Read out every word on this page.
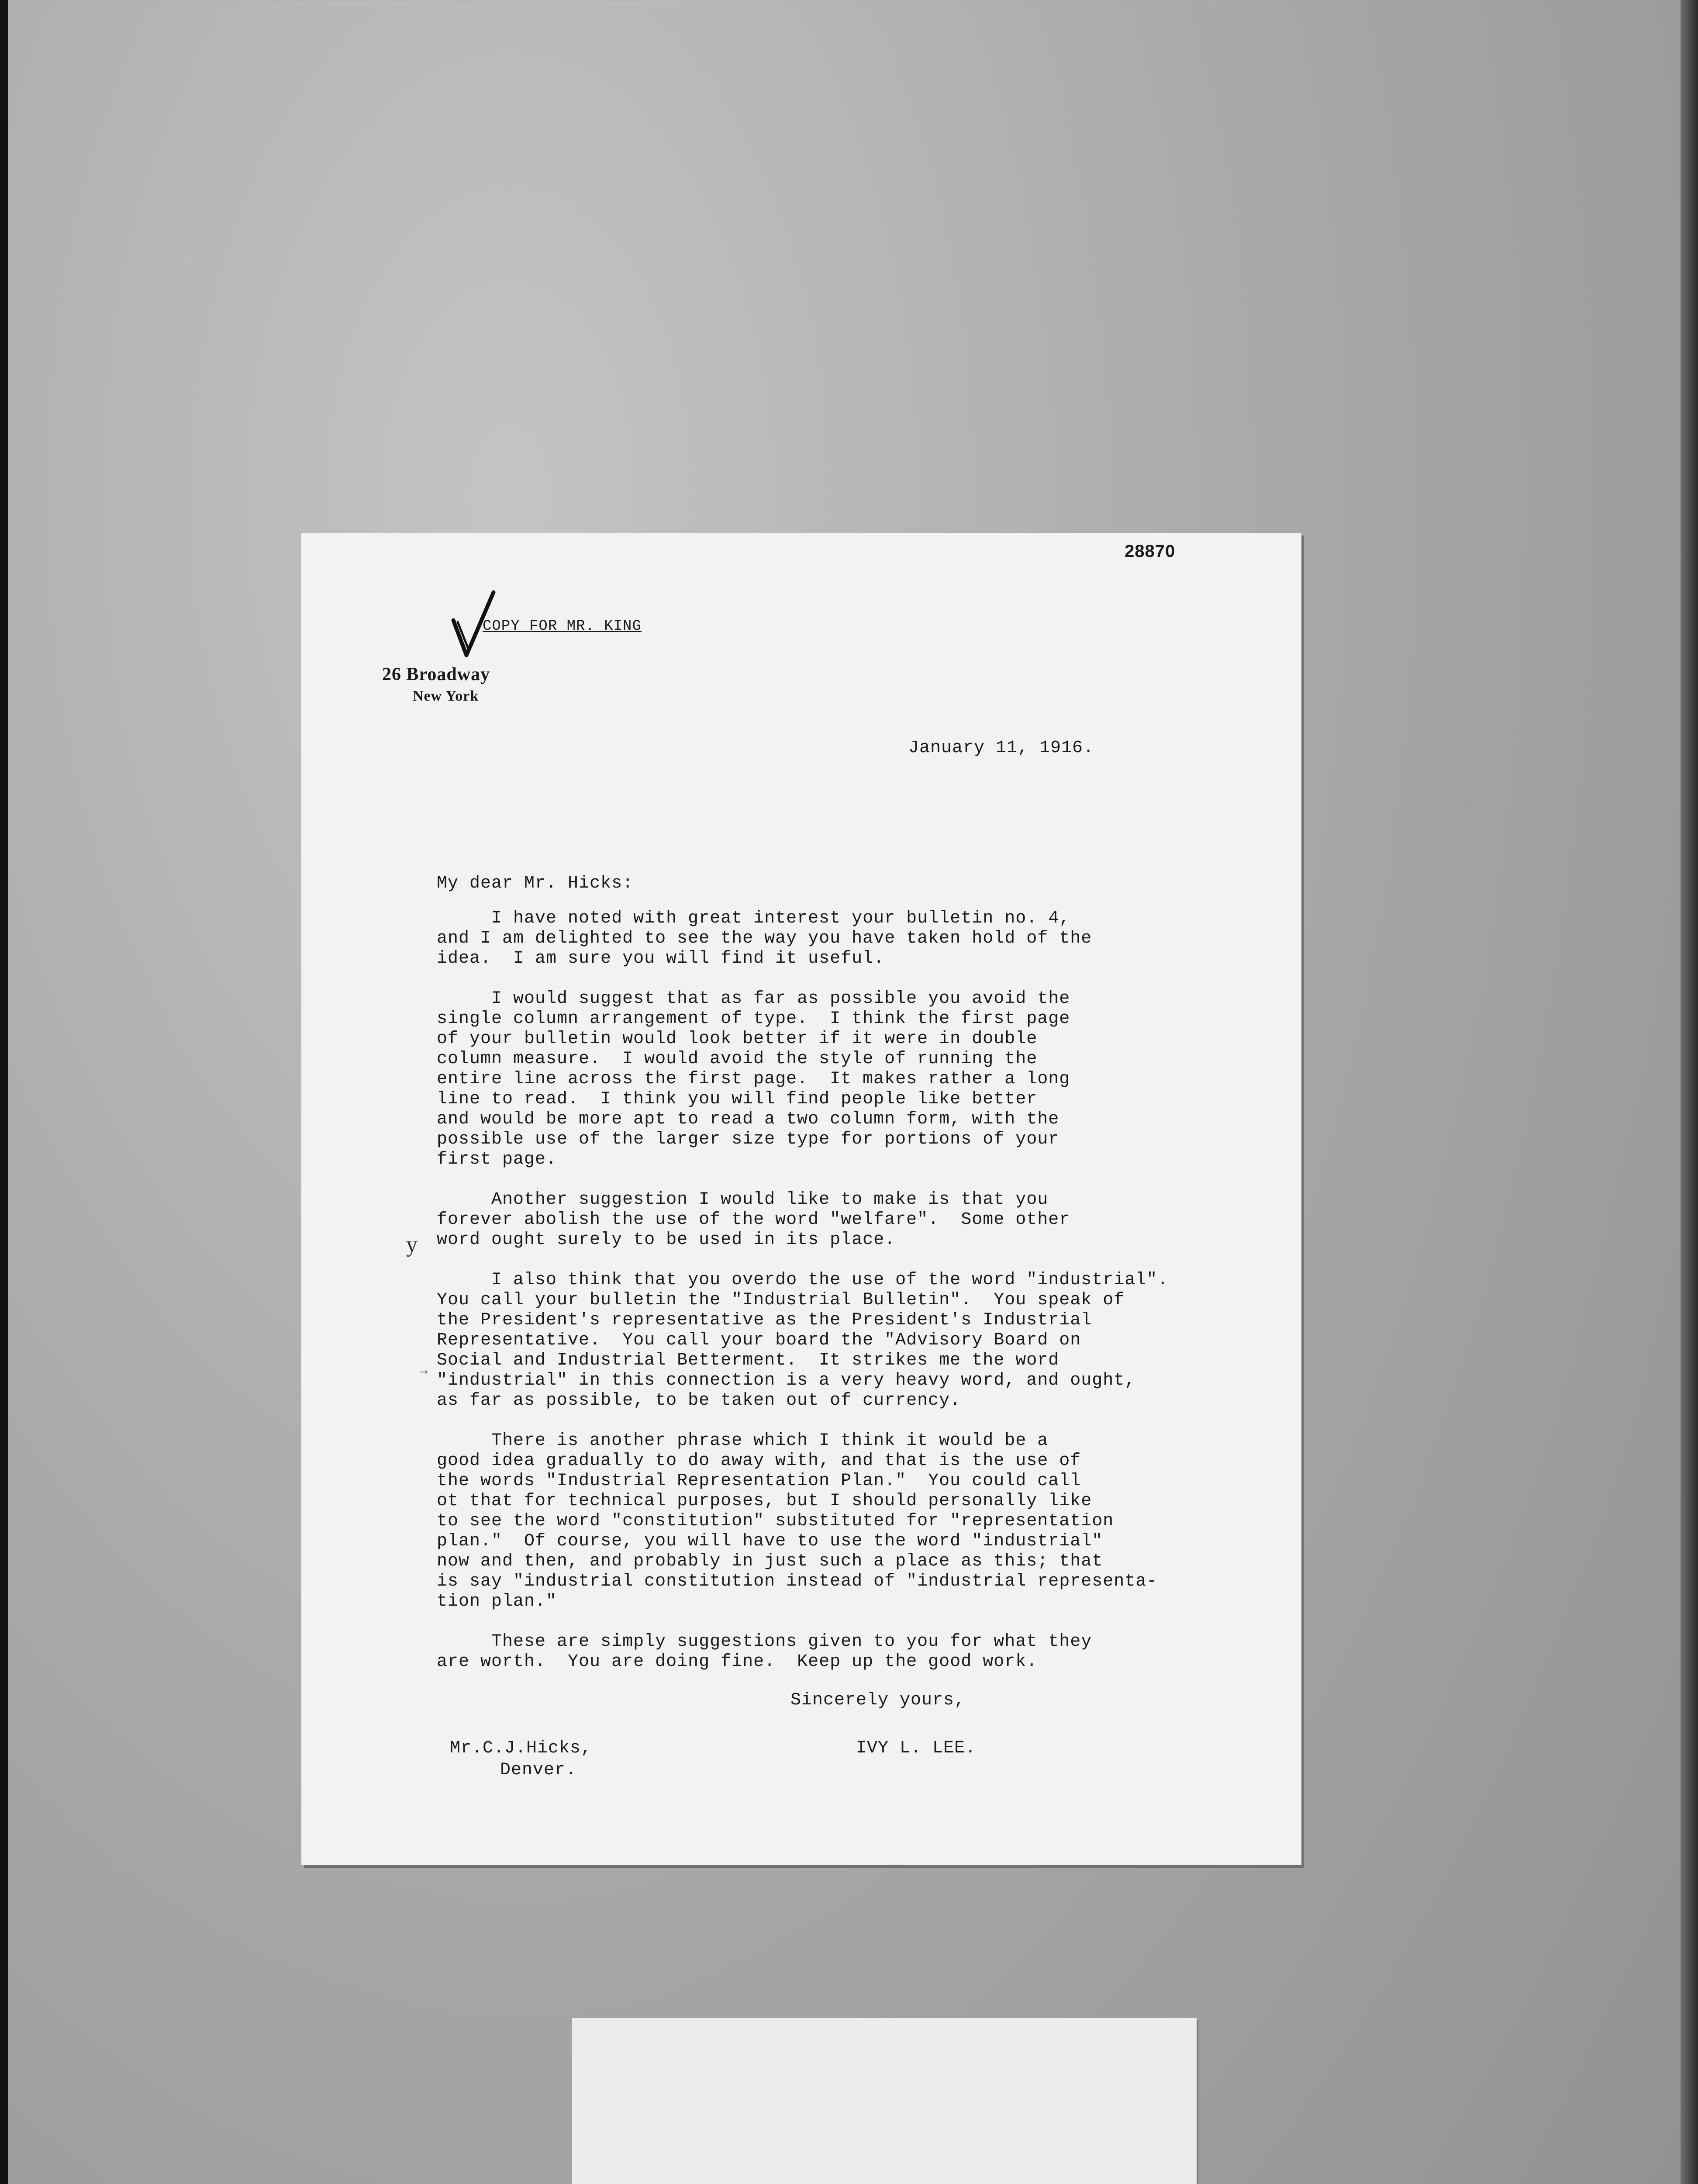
28870
COPY FOR MR. KING
26 Broadway
New York
January 11, 1916.
My dear Mr. Hicks:
I have noted with great interest your bulletin no. 4,
and I am delighted to see the way you have taken hold of the
idea.  I am sure you will find it useful.
I would suggest that as far as possible you avoid the
single column arrangement of type.  I think the first page
of your bulletin would look better if it were in double
column measure.  I would avoid the style of running the
entire line across the first page.  It makes rather a long
line to read.  I think you will find people like better
and would be more apt to read a two column form, with the
possible use of the larger size type for portions of your
first page.
Another suggestion I would like to make is that you
forever abolish the use of the word "welfare".  Some other
word ought surely to be used in its place.
I also think that you overdo the use of the word "industrial".
You call your bulletin the "Industrial Bulletin".  You speak of
the President's representative as the President's Industrial
Representative.  You call your board the "Advisory Board on
Social and Industrial Betterment.  It strikes me the word
"industrial" in this connection is a very heavy word, and ought,
as far as possible, to be taken out of currency.
There is another phrase which I think it would be a
good idea gradually to do away with, and that is the use of
the words "Industrial Representation Plan."  You could call
ot that for technical purposes, but I should personally like
to see the word "constitution" substituted for "representation
plan."  Of course, you will have to use the word "industrial"
now and then, and probably in just such a place as this; that
is say "industrial constitution instead of "industrial representa-
tion plan."
These are simply suggestions given to you for what they
are worth.  You are doing fine.  Keep up the good work.
y
→
Sincerely yours,
IVY L. LEE.
Mr.C.J.Hicks,
Denver.
